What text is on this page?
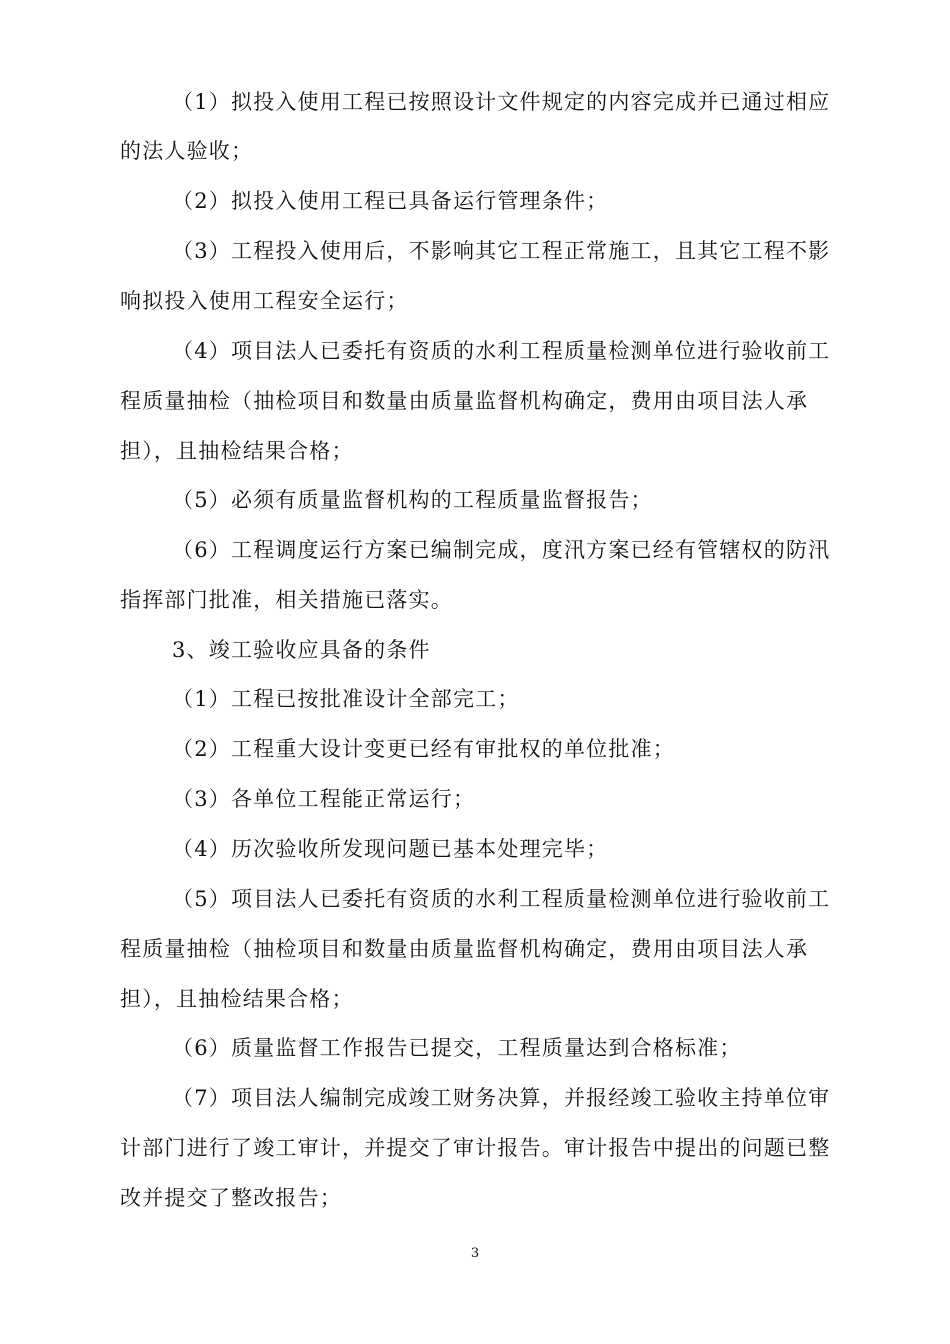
（1）拟投入使用工程已按照设计文件规定的内容完成并已通过相应
的法人验收；
（2）拟投入使用工程已具备运行管理条件；
（3）工程投入使用后，不影响其它工程正常施工，且其它工程不影
响拟投入使用工程安全运行；
（4）项目法人已委托有资质的水利工程质量检测单位进行验收前工
程质量抽检（抽检项目和数量由质量监督机构确定，费用由项目法人承
担），且抽检结果合格；
（5）必须有质量监督机构的工程质量监督报告；
（6）工程调度运行方案已编制完成，度汛方案已经有管辖权的防汛
指挥部门批准，相关措施已落实。
3、竣工验收应具备的条件
（1）工程已按批准设计全部完工；
（2）工程重大设计变更已经有审批权的单位批准；
（3）各单位工程能正常运行；
（4）历次验收所发现问题已基本处理完毕；
（5）项目法人已委托有资质的水利工程质量检测单位进行验收前工
程质量抽检（抽检项目和数量由质量监督机构确定，费用由项目法人承
担），且抽检结果合格；
（6）质量监督工作报告已提交，工程质量达到合格标准；
（7）项目法人编制完成竣工财务决算，并报经竣工验收主持单位审
计部门进行了竣工审计，并提交了审计报告。审计报告中提出的问题已整
改并提交了整改报告；
3
